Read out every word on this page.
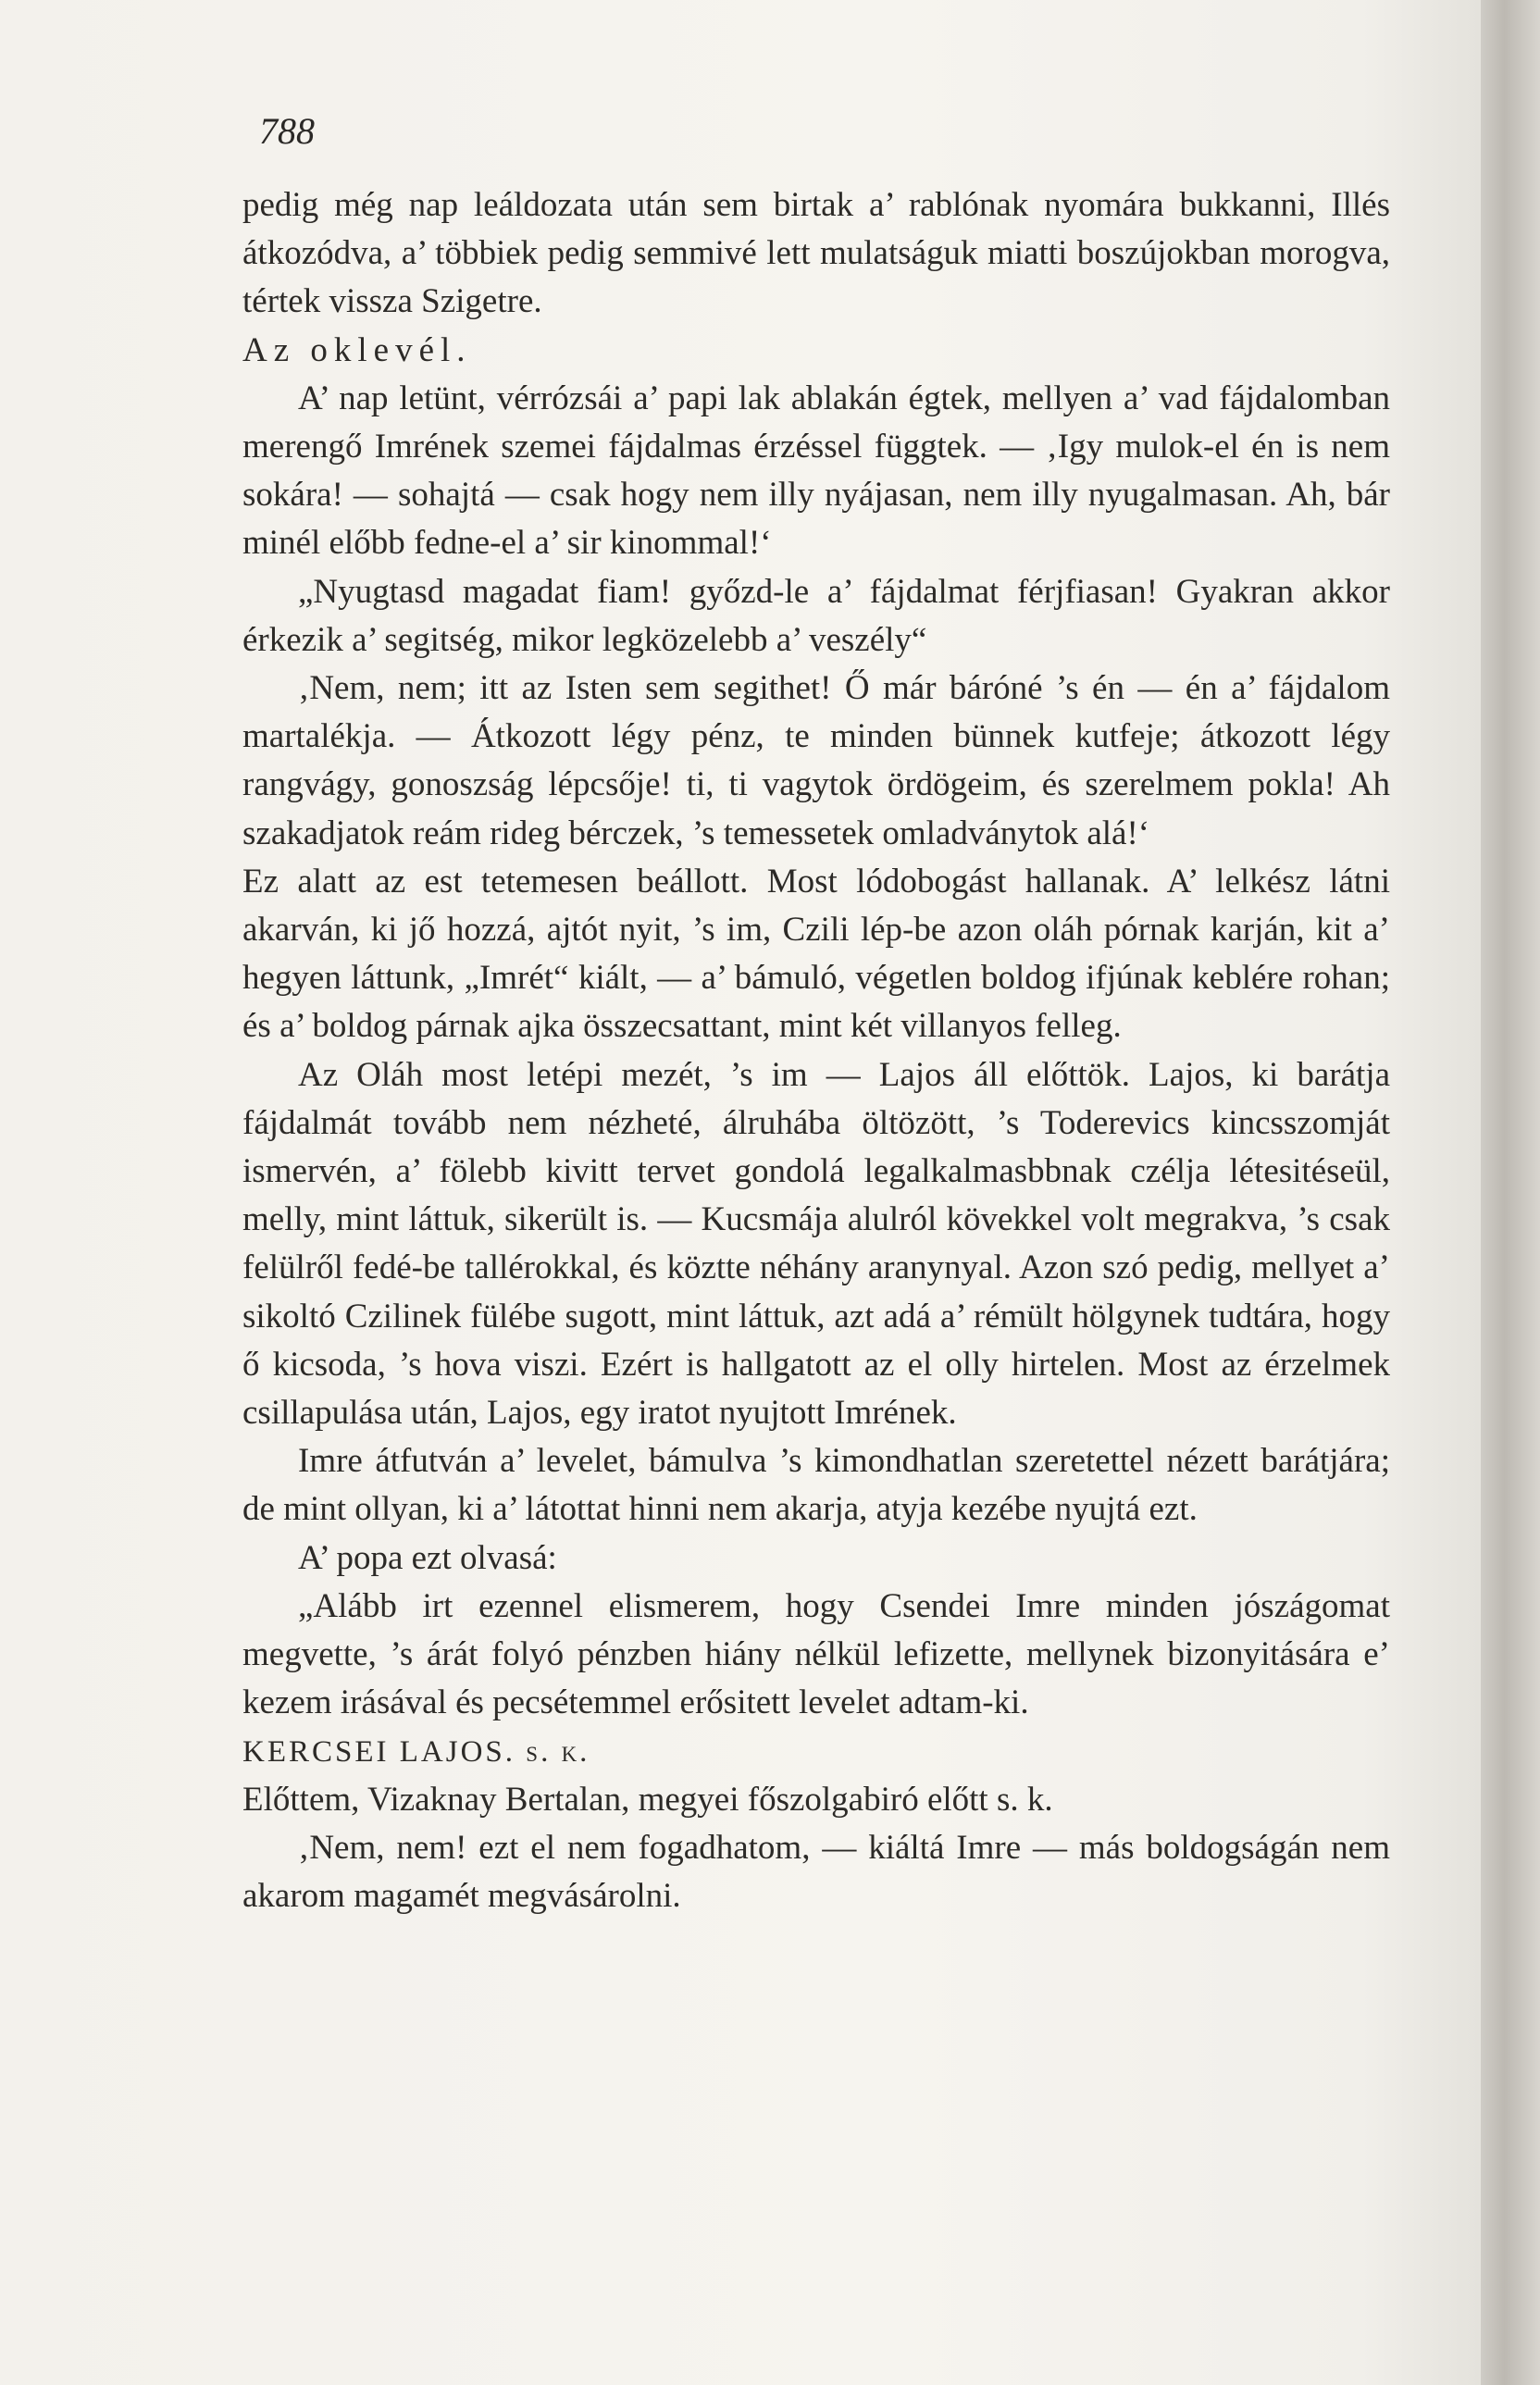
788

pedig még nap leáldozata után sem birtak a’ rablónak nyomára bukkanni, Illés átkozódva, a’ többiek pedig semmivé lett mulatságuk miatti boszújokban morogva, tértek vissza Szigetre.

Az oklevél.

A’ nap letünt, vérrózsái a’ papi lak ablakán égtek, mellyen a’ vad fájdalomban merengő Imrének szemei fájdalmas érzéssel függtek. — ‚Igy mulok-el én is nem sokára! — sohajtá — csak hogy nem illy nyájasan, nem illy nyugalmasan. Ah, bár minél előbb fedne-el a’ sir kinommal!‘

„Nyugtasd magadat fiam! győzd-le a’ fájdalmat férjfiasan! Gyakran akkor érkezik a’ segitség, mikor legközelebb a’ veszély“

‚Nem, nem; itt az Isten sem segithet! Ő már báróné ’s én — én a’ fájdalom martalékja. — Átkozott légy pénz, te minden bünnek kutfeje; átkozott légy rangvágy, gonoszság lépcsője! ti, ti vagytok ördögeim, és szerelmem pokla! Ah szakadjatok reám rideg bérczek, ’s temessetek omladványtok alá!‘

Ez alatt az est tetemesen beállott. Most lódobogást hallanak. A’ lelkész látni akarván, ki jő hozzá, ajtót nyit, ’s im, Czili lép-be azon oláh pórnak karján, kit a’ hegyen láttunk, „Imrét“ kiált, — a’ bámuló, végetlen boldog ifjúnak keblére rohan; és a’ boldog párnak ajka összecsattant, mint két villanyos felleg.

Az Oláh most letépi mezét, ’s im — Lajos áll előttök. Lajos, ki barátja fájdalmát tovább nem nézheté, álruhába öltözött, ’s Toderevics kincsszomját ismervén, a’ fölebb kivitt tervet gondolá legalkalmasbbnak czélja létesitéseül, melly, mint láttuk, sikerült is. — Kucsmája alulról kövekkel volt megrakva, ’s csak felülről fedé-be tallérokkal, és köztte néhány aranynyal. Azon szó pedig, mellyet a’ sikoltó Czilinek fülébe sugott, mint láttuk, azt adá a’ rémült hölgynek tudtára, hogy ő kicsoda, ’s hova viszi. Ezért is hallgatott az el olly hirtelen. Most az érzelmek csillapulása után, Lajos, egy iratot nyujtott Imrének.

Imre átfutván a’ levelet, bámulva ’s kimondhatlan szeretettel nézett barátjára; de mint ollyan, ki a’ látottat hinni nem akarja, atyja kezébe nyujtá ezt.

A’ popa ezt olvasá:

„Alább irt ezennel elismerem, hogy Csendei Imre minden jószágomat megvette, ’s árát folyó pénzben hiány nélkül lefizette, mellynek bizonyitására e’ kezem irásával és pecsétemmel erősitett levelet adtam-ki.

KERCSEI LAJOS. s. k.

Előttem, Vizaknay Bertalan, megyei főszolgabiró előtt s. k.

‚Nem, nem! ezt el nem fogadhatom, — kiáltá Imre — más boldogságán nem akarom magamét megvásárolni.
